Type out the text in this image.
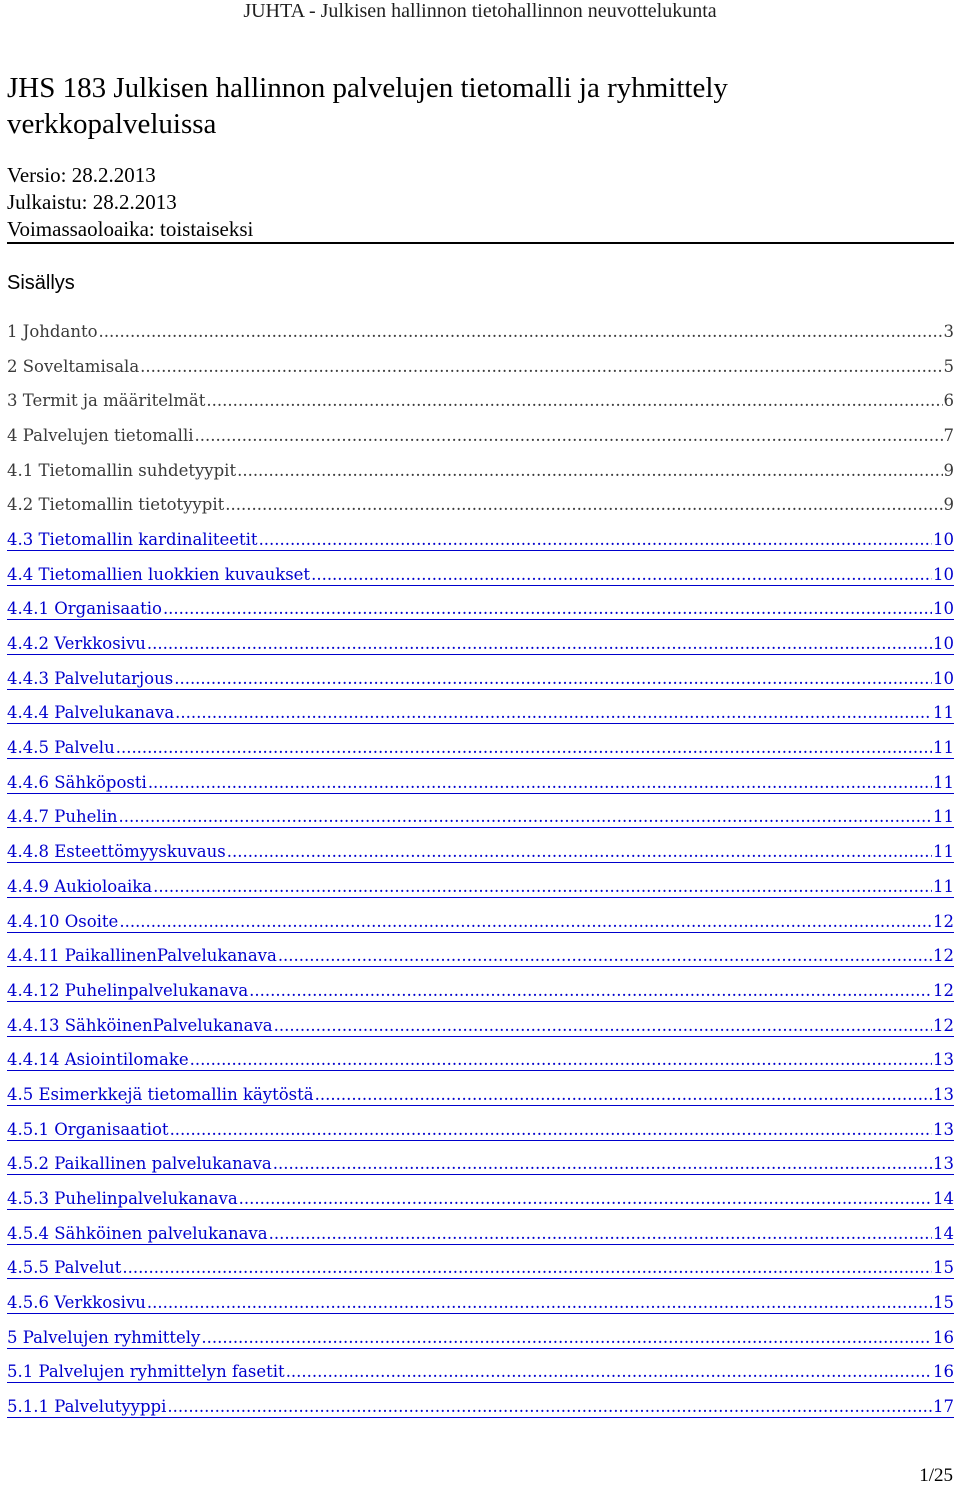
JUHTA - Julkisen hallinnon tietohallinnon neuvottelukunta
JHS 183 Julkisen hallinnon palvelujen tietomalli ja ryhmittely verkkopalveluissa
Versio: 28.2.2013
Julkaistu: 28.2.2013
Voimassaoloaika: toistaiseksi
Sisällys
1 Johdanto .....	3
2 Soveltamisala .....	5
3 Termit ja määritelmät .....	6
4 Palvelujen tietomalli .....	7
4.1 Tietomallin suhdetyypit .....	9
4.2 Tietomallin tietotyypit .....	9
4.3 Tietomallin kardinaliteetit .....	10
4.4 Tietomallien luokkien kuvaukset .....	10
4.4.1 Organisaatio .....	10
4.4.2 Verkkosivu .....	10
4.4.3 Palvelutarjous .....	10
4.4.4 Palvelukanava .....	11
4.4.5 Palvelu .....	11
4.4.6 Sähköposti .....	11
4.4.7 Puhelin .....	11
4.4.8 Esteettömyyskuvaus .....	11
4.4.9 Aukioloaika .....	11
4.4.10 Osoite .....	12
4.4.11 PaikallinenPalvelukanava .....	12
4.4.12 Puhelinpalvelukanava .....	12
4.4.13 SähköinenPalvelukanava .....	12
4.4.14 Asiointilomake .....	13
4.5 Esimerkkejä tietomallin käytöstä .....	13
4.5.1 Organisaatiot .....	13
4.5.2 Paikallinen palvelukanava .....	13
4.5.3 Puhelinpalvelukanava .....	14
4.5.4 Sähköinen palvelukanava .....	14
4.5.5 Palvelut .....	15
4.5.6 Verkkosivu .....	15
5 Palvelujen ryhmittely .....	16
5.1 Palvelujen ryhmittelyn fasetit .....	16
5.1.1 Palvelutyyppi .....	17
1/25
